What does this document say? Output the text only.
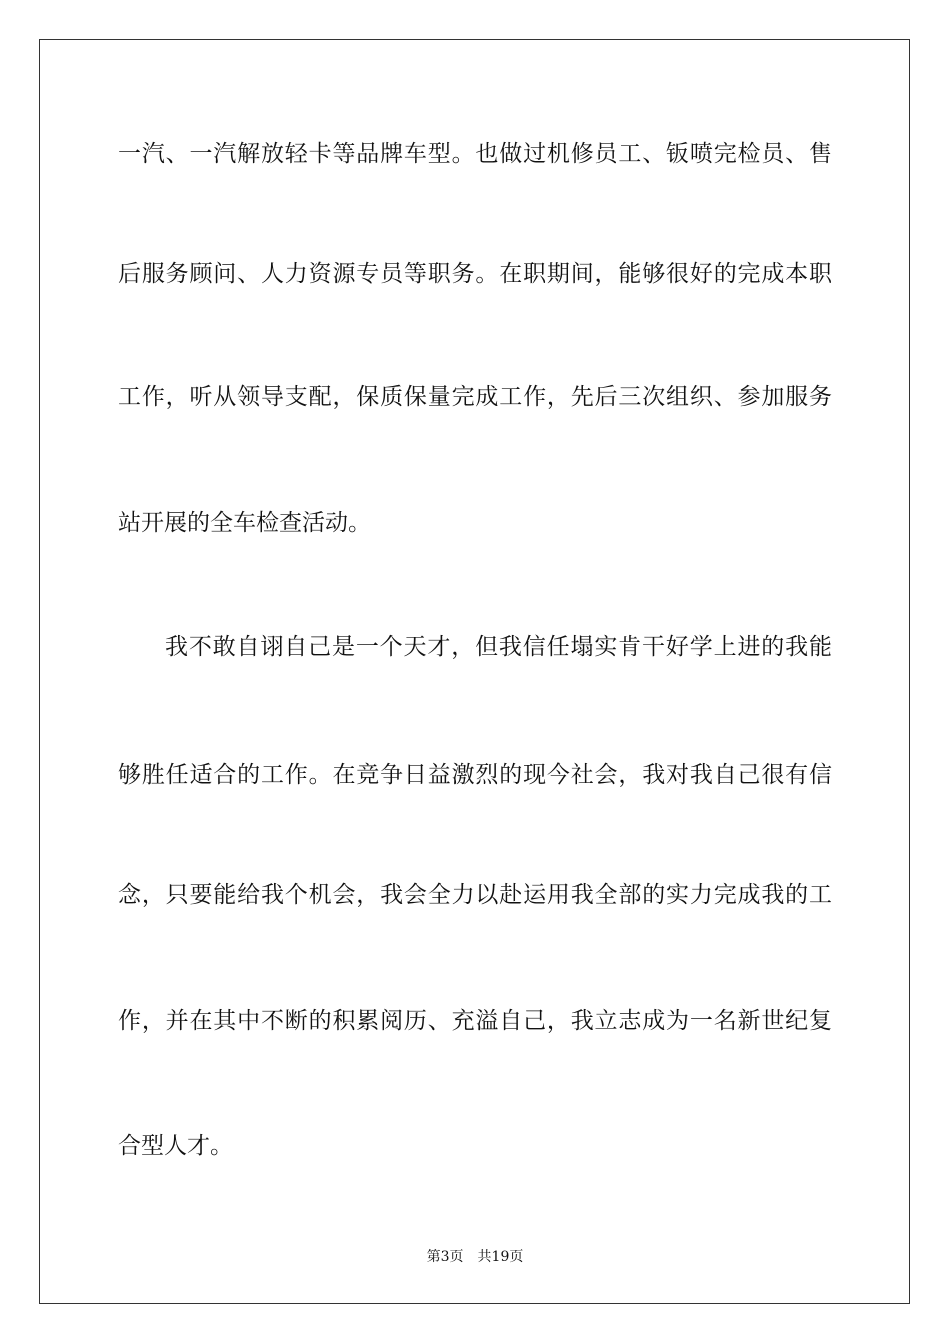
一汽、一汽解放轻卡等品牌车型。也做过机修员工、钣喷完检员、售
后服务顾问、人力资源专员等职务。在职期间，能够很好的完成本职
工作，听从领导支配，保质保量完成工作，先后三次组织、参加服务
站开展的全车检查活动。
我不敢自诩自己是一个天才，但我信任塌实肯干好学上进的我能
够胜任适合的工作。在竞争日益激烈的现今社会，我对我自己很有信
念，只要能给我个机会，我会全力以赴运用我全部的实力完成我的工
作，并在其中不断的积累阅历、充溢自己，我立志成为一名新世纪复
合型人才。
第3页 共19页
